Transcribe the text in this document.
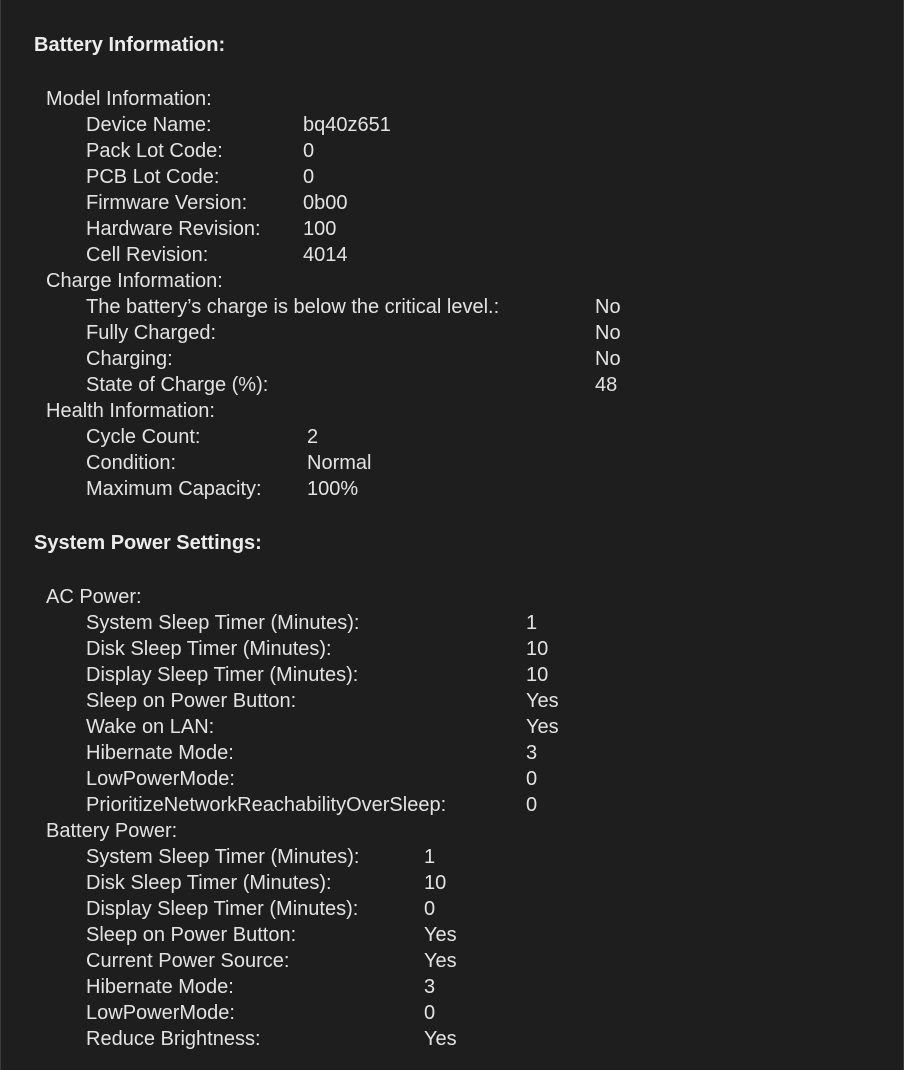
Battery Information:
Model Information:
Device Name:	bq40z651
Pack Lot Code:	0
PCB Lot Code:	0
Firmware Version:	0b00
Hardware Revision: 100
Cell Revision:	4014
Charge Information:
The battery’s charge is below the critical level.:	No
Fully Charged:	No
Charging:	No
State of Charge (%):	48
Health Information:
Cycle Count:	2
Condition:	Normal
Maximum Capacity: 100%
System Power Settings:
AC Power:
System Sleep Timer (Minutes):	1
Disk Sleep Timer (Minutes):	10
Display Sleep Timer (Minutes):	10
Sleep on Power Button:	Yes
Wake on LAN:	Yes
Hibernate Mode:	3
LowPowerMode:	0
PrioritizeNetworkReachabilityOverSleep:	0
Battery Power:
System Sleep Timer (Minutes):	1
Disk Sleep Timer (Minutes):	10
Display Sleep Timer (Minutes):	0
Sleep on Power Button:	Yes
Current Power Source:	Yes
Hibernate Mode:	3
LowPowerMode:	0
Reduce Brightness:	Yes
